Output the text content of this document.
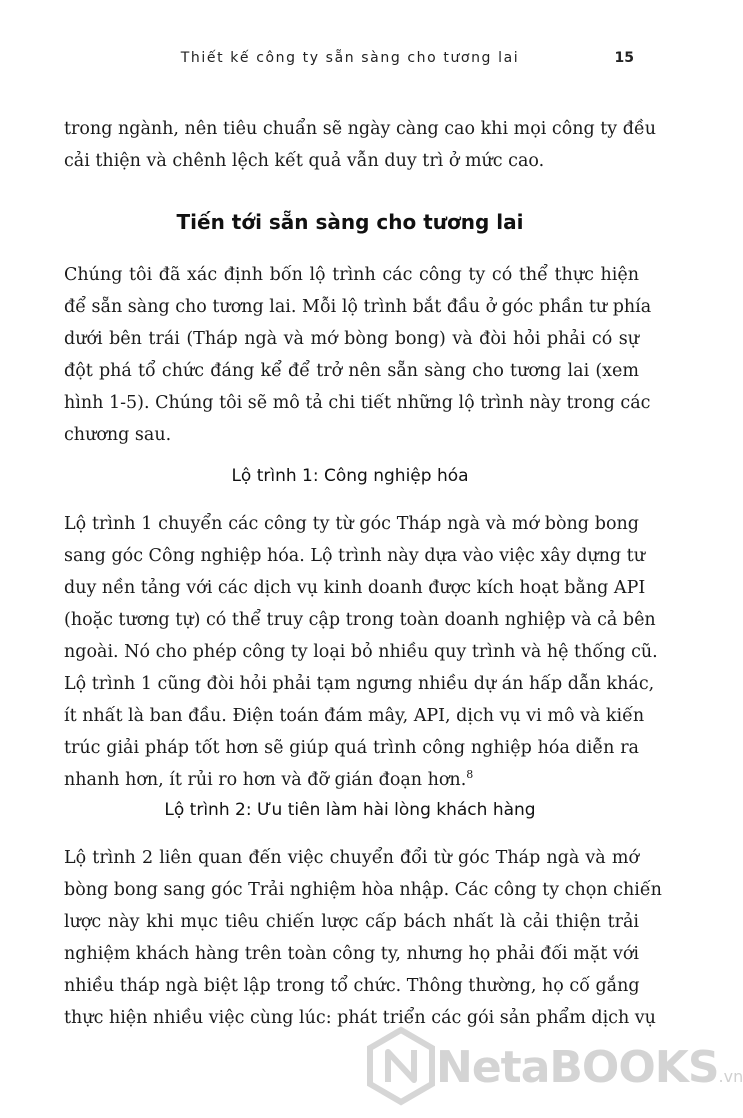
Thiết kế công ty sẵn sàng cho tương lai	15
trong ngành, nên tiêu chuẩn sẽ ngày càng cao khi mọi công ty đều
cải thiện và chênh lệch kết quả vẫn duy trì ở mức cao.
Tiến tới sẵn sàng cho tương lai
Chúng tôi đã xác định bốn lộ trình các công ty có thể thực hiện
để sẵn sàng cho tương lai. Mỗi lộ trình bắt đầu ở góc phần tư phía
dưới bên trái (Tháp ngà và mớ bòng bong) và đòi hỏi phải có sự
đột phá tổ chức đáng kể để trở nên sẵn sàng cho tương lai (xem
hình 1-5). Chúng tôi sẽ mô tả chi tiết những lộ trình này trong các
chương sau.
Lộ trình 1: Công nghiệp hóa
Lộ trình 1 chuyển các công ty từ góc Tháp ngà và mớ bòng bong
sang góc Công nghiệp hóa. Lộ trình này dựa vào việc xây dựng tư
duy nền tảng với các dịch vụ kinh doanh được kích hoạt bằng API
(hoặc tương tự) có thể truy cập trong toàn doanh nghiệp và cả bên
ngoài. Nó cho phép công ty loại bỏ nhiều quy trình và hệ thống cũ.
Lộ trình 1 cũng đòi hỏi phải tạm ngưng nhiều dự án hấp dẫn khác,
ít nhất là ban đầu. Điện toán đám mây, API, dịch vụ vi mô và kiến
trúc giải pháp tốt hơn sẽ giúp quá trình công nghiệp hóa diễn ra
nhanh hơn, ít rủi ro hơn và đỡ gián đoạn hơn.$^8$
Lộ trình 2: Ưu tiên làm hài lòng khách hàng
Lộ trình 2 liên quan đến việc chuyển đổi từ góc Tháp ngà và mớ
bòng bong sang góc Trải nghiệm hòa nhập. Các công ty chọn chiến
lược này khi mục tiêu chiến lược cấp bách nhất là cải thiện trải
nghiệm khách hàng trên toàn công ty, nhưng họ phải đối mặt với
nhiều tháp ngà biệt lập trong tổ chức. Thông thường, họ cố gắng
thực hiện nhiều việc cùng lúc: phát triển các gói sản phẩm dịch vụ
NetaBOOKS.vn
